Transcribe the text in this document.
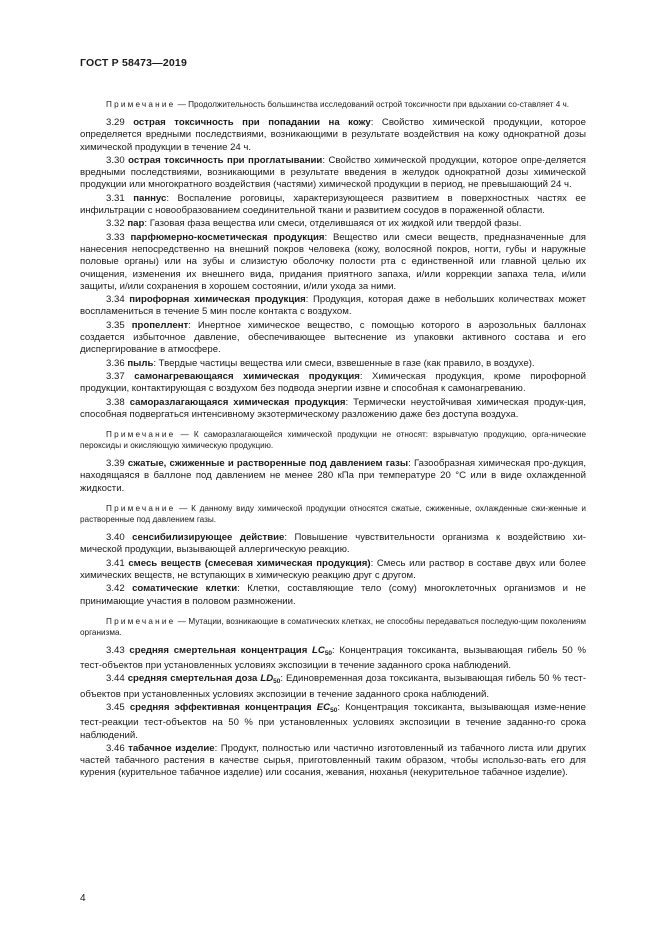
ГОСТ Р 58473—2019

Примечание — Продолжительность большинства исследований острой токсичности при вдыхании со-ставляет 4 ч.

3.29 острая токсичность при попадании на кожу: Свойство химической продукции, которое определяется вредными последствиями, возникающими в результате воздействия на кожу однократной дозы химической продукции в течение 24 ч.

3.30 острая токсичность при проглатывании: Свойство химической продукции, которое опре-деляется вредными последствиями, возникающими в результате введения в желудок однократной дозы химической продукции или многократного воздействия (частями) химической продукции в период, не превышающий 24 ч.

3.31 паннус: Воспаление роговицы, характеризующееся развитием в поверхностных частях ее инфильтрации с новообразованием соединительной ткани и развитием сосудов в пораженной области.

3.32 пар: Газовая фаза вещества или смеси, отделившаяся от их жидкой или твердой фазы.

3.33 парфюмерно-косметическая продукция: Вещество или смеси веществ, предназначенные для нанесения непосредственно на внешний покров человека (кожу, волосяной покров, ногти, губы и наружные половые органы) или на зубы и слизистую оболочку полости рта с единственной или главной целью их очищения, изменения их внешнего вида, придания приятного запаха, и/или коррекции запаха тела, и/или защиты, и/или сохранения в хорошем состоянии, и/или ухода за ними.

3.34 пирофорная химическая продукция: Продукция, которая даже в небольших количествах может воспламениться в течение 5 мин после контакта с воздухом.

3.35 пропеллент: Инертное химическое вещество, с помощью которого в аэрозольных баллонах создается избыточное давление, обеспечивающее вытеснение из упаковки активного состава и его диспергирование в атмосфере.

3.36 пыль: Твердые частицы вещества или смеси, взвешенные в газе (как правило, в воздухе).

3.37 самонагревающаяся химическая продукция: Химическая продукция, кроме пирофорной продукции, контактирующая с воздухом без подвода энергии извне и способная к самонагреванию.

3.38 саморазлагающаяся химическая продукция: Термически неустойчивая химическая продук-ция, способная подвергаться интенсивному экзотермическому разложению даже без доступа воздуха.

Примечание — К саморазлагающейся химической продукции не относят: взрывчатую продукцию, орга-нические пероксиды и окисляющую химическую продукцию.

3.39 сжатые, сжиженные и растворенные под давлением газы: Газообразная химическая про-дукция, находящаяся в баллоне под давлением не менее 280 кПа при температуре 20 °C или в виде охлажденной жидкости.

Примечание — К данному виду химической продукции относятся сжатые, сжиженные, охлажденные сжи-женные и растворенные под давлением газы.

3.40 сенсибилизирующее действие: Повышение чувствительности организма к воздействию хи-мической продукции, вызывающей аллергическую реакцию.

3.41 смесь веществ (смесевая химическая продукция): Смесь или раствор в составе двух или более химических веществ, не вступающих в химическую реакцию друг с другом.

3.42 соматические клетки: Клетки, составляющие тело (сому) многоклеточных организмов и не принимающие участия в половом размножении.

Примечание — Мутации, возникающие в соматических клетках, не способны передаваться последую-щим поколениям организма.

3.43 средняя смертельная концентрация $LC_{50}$: Концентрация токсиканта, вызывающая гибель 50 % тест-объектов при установленных условиях экспозиции в течение заданного срока наблюдений.

3.44 средняя смертельная доза $LD_{50}$: Единовременная доза токсиканта, вызывающая гибель 50 % тест-объектов при установленных условиях экспозиции в течение заданного срока наблюдений.

3.45 средняя эффективная концентрация $EC_{50}$: Концентрация токсиканта, вызывающая изме-нение тест-реакции тест-объектов на 50 % при установленных условиях экспозиции в течение заданно-го срока наблюдений.

3.46 табачное изделие: Продукт, полностью или частично изготовленный из табачного листа или других частей табачного растения в качестве сырья, приготовленный таким образом, чтобы использо-вать его для курения (курительное табачное изделие) или сосания, жевания, нюханья (некурительное табачное изделие).

4
